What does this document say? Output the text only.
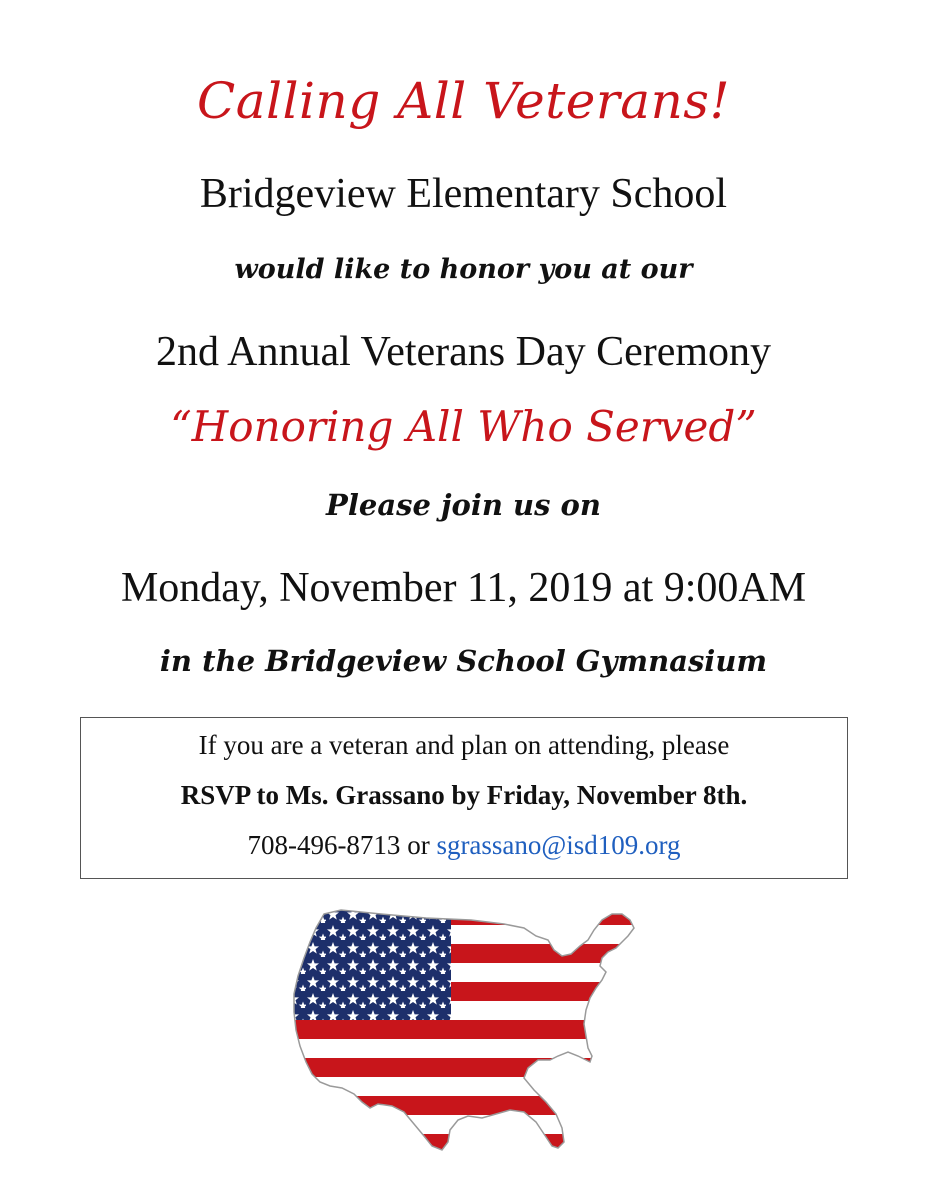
Calling All Veterans!
Bridgeview Elementary School
would like to honor you at our
2nd Annual Veterans Day Ceremony
“Honoring All Who Served”
Please join us on
Monday, November 11, 2019 at 9:00AM
in the Bridgeview School Gymnasium
If you are a veteran and plan on attending, please
RSVP to Ms. Grassano by Friday, November 8th.
708-496-8713 or sgrassano@isd109.org
